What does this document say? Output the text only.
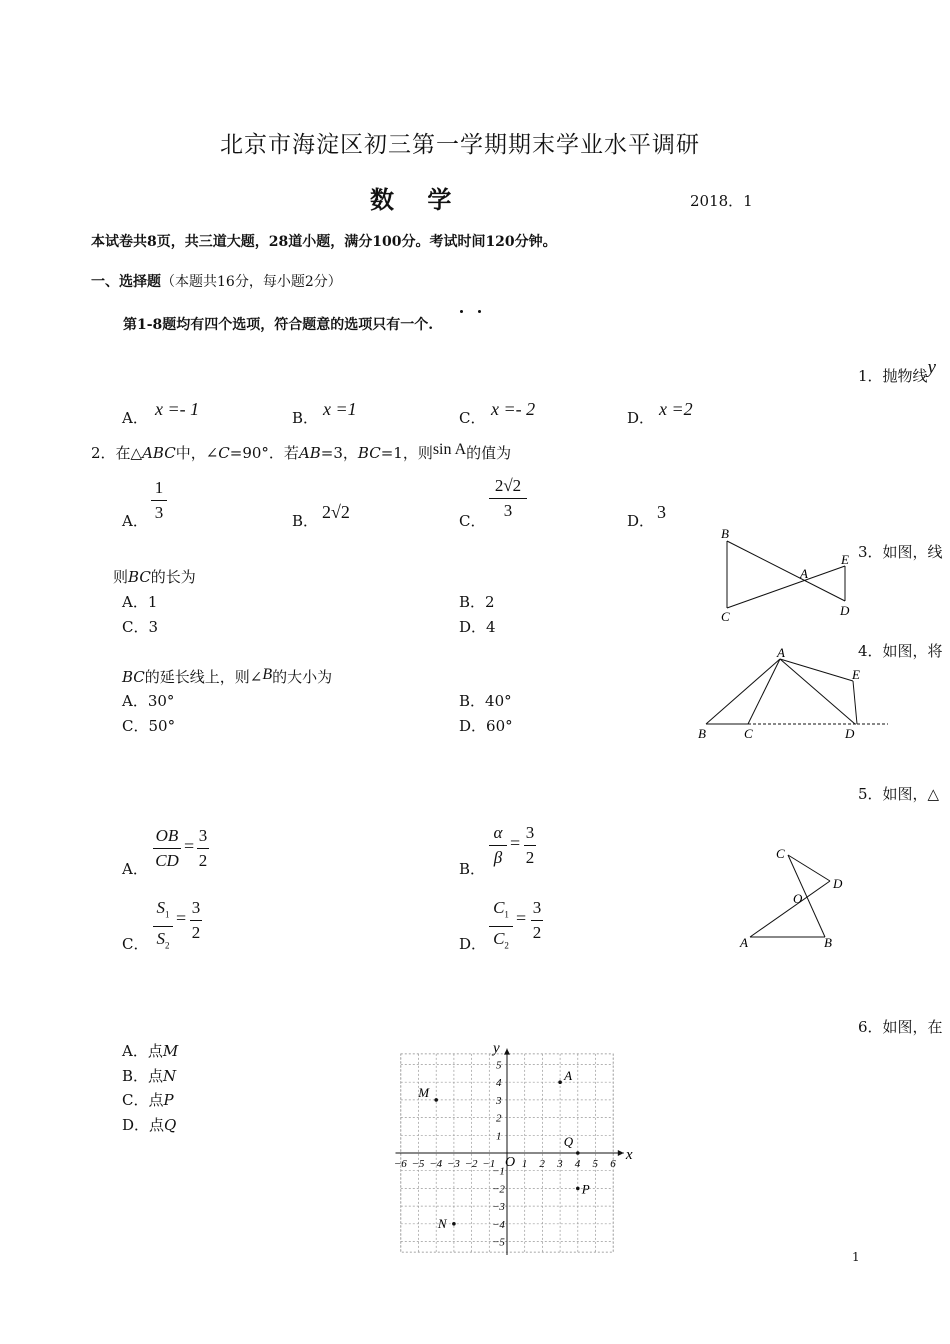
北京市海淀区初三第一学期期末学业水平调研
数    学	2018．1
本试卷共8页，共三道大题，28道小题，满分100分。考试时间120分钟。
一、选择题（本题共16分，每小题2分）
第1-8题均有四个选项，符合题意的选项只有一个.
1．抛物线y
A． x =- 1	B． x =1	C． x =- 2	D． x =2
2．在△ABC中，∠C=90°．若AB=3，BC=1，则sin A的值为
A．
1
3	B． 2√2	C．
2√2
3
D． 3
3．如图，线
则BC的长为
A．1	B．2
C．3	D．4
B
E
A
C	D
4．如图，将
BC的延长线上，则∠B的大小为
A．30°	B．40°
C．50°	D．60°
A
E
B	C	D
5．如图，△
A．
OB
CD
=
3
2	B．
α
β
=
3
2
C．
$S_1$
$S_2$
=
3
2
D．
$C_1$
$C_2$
=
3
2
C
D
O
A	B
6．如图，在
A．点M
B．点N
C．点P
D．点Q
−6 −5 −4 −3 −2 −1 1 2 3 4 5 6
5
4
3
2
1
−1
−2
−3
−4
−5
x
y
O
A
M
Q
P
N
1
